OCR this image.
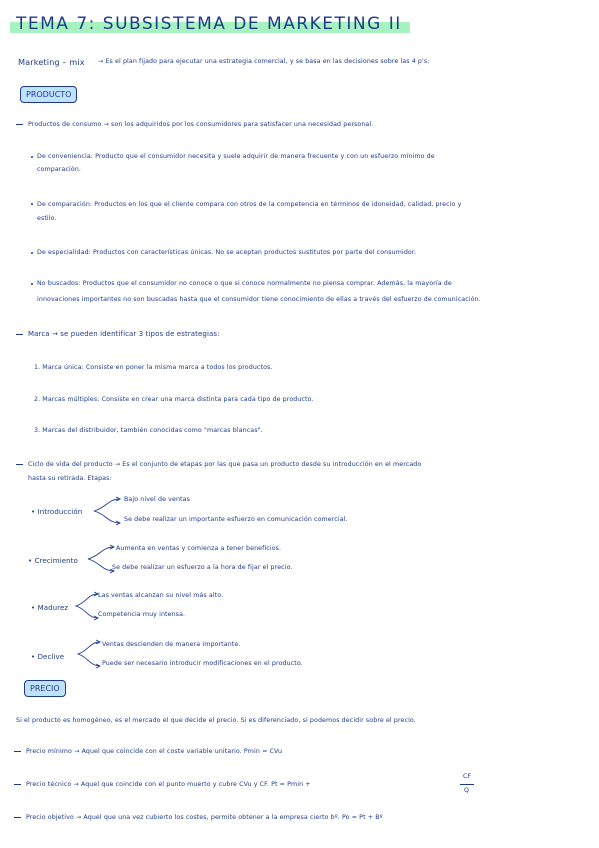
TEMA 7: SUBSISTEMA DE MARKETING II
Marketing – mix → Es el plan fijado para ejecutar una estrategia comercial, y se basa en las decisiones sobre las 4 p's:
PRODUCTO
Productos de consumo → son los adquiridos por los consumidores para satisfacer una necesidad personal.
De conveniencia: Producto que el consumidor necesita y suele adquirir de manera frecuente y con un esfuerzo mínimo de
comparación.
De comparación: Productos en los que el cliente compara con otros de la competencia en términos de idoneidad, calidad, precio y
estilo.
De especialidad: Productos con características únicas. No se aceptan productos sustitutos por parte del consumidor.
No buscados: Productos que el consumidor no conoce o que si conoce normalmente no piensa comprar. Además, la mayoría de
innovaciones importantes no son buscadas hasta que el consumidor tiene conocimiento de ellas a través del esfuerzo de comunicación.
Marca → se pueden identificar 3 tipos de estrategias:
1. Marca única: Consiste en poner la misma marca a todos los productos.
2. Marcas múltiples: Consiste en crear una marca distinta para cada tipo de producto.
3. Marcas del distribuidor, también conocidas como "marcas blancas".
Ciclo de vida del producto → Es el conjunto de etapas por las que pasa un producto desde su introducción en el mercado
hasta su retirada. Etapas:
• Introducción
Bajo nivel de ventas
Se debe realizar un importante esfuerzo en comunicación comercial.
• Crecimiento
Aumenta en ventas y comienza a tener beneficios.
Se debe realizar un esfuerzo a la hora de fijar el precio.
• Madurez
Las ventas alcanzan su nivel más alto.
Competencia muy intensa.
• Declive
Ventas descienden de manera importante.
Puede ser necesario introducir modificaciones en el producto.
PRECIO
Si el producto es homogéneo, es el mercado el que decide el precio. Si es diferenciado, si podemos decidir sobre el precio.
Precio mínimo → Aquel que coincide con el coste variable unitario. Pmin = CVu
Precio técnico → Aquel que coincide con el punto muerto y cubre CVu y CF. Pt = Pmin +
CF
Q
Precio objetivo → Aquel que una vez cubierto los costes, permite obtener a la empresa cierto bº. Po = Pt + Bº
